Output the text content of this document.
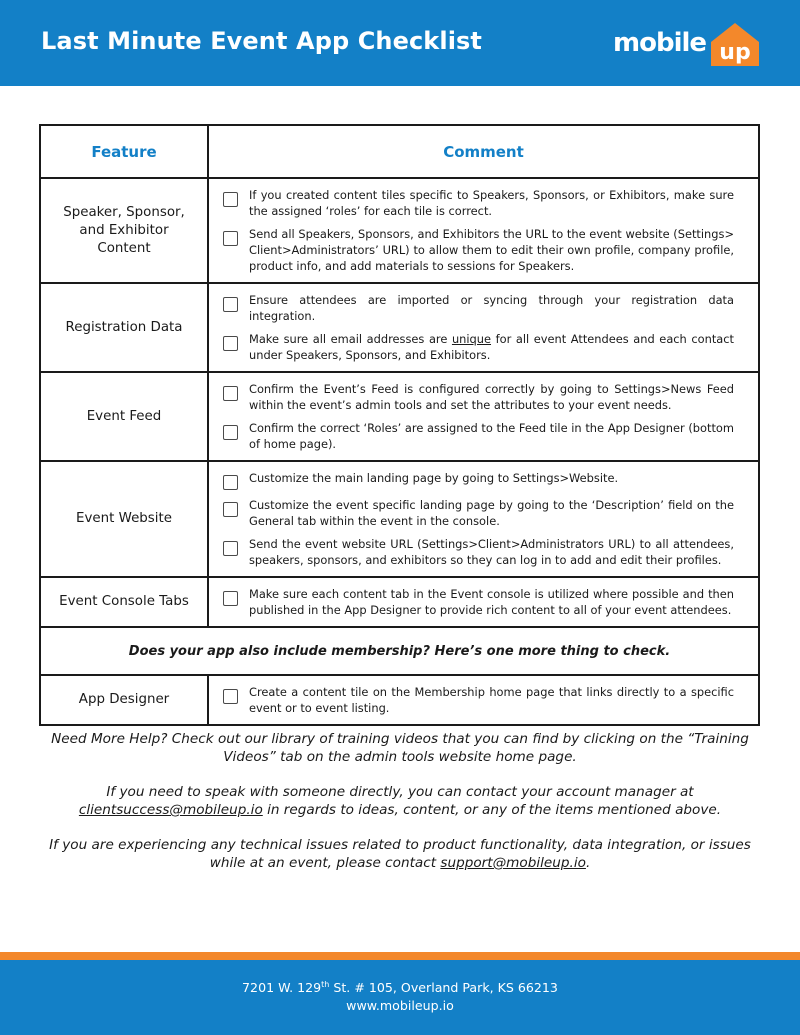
Last Minute Event App Checklist	mobile up
Feature	Comment
Speaker, Sponsor, and Exhibitor Content	If you created content tiles specific to Speakers, Sponsors, or Exhibitors, make sure the assigned ‘roles’ for each tile is correct.
Send all Speakers, Sponsors, and Exhibitors the URL to the event website (Settings> Client>Administrators’ URL) to allow them to edit their own profile, company profile, product info, and add materials to sessions for Speakers.

Registration Data	Ensure attendees are imported or syncing through your registration data integration.
Make sure all email addresses are unique for all event Attendees and each contact under Speakers, Sponsors, and Exhibitors.

Event Feed	Confirm the Event’s Feed is configured correctly by going to Settings>News Feed within the event’s admin tools and set the attributes to your event needs.
Confirm the correct ‘Roles’ are assigned to the Feed tile in the App Designer (bottom of home page).

Event Website	Customize the main landing page by going to Settings>Website.
Customize the event specific landing page by going to the ‘Description’ field on the General tab within the event in the console.
Send the event website URL (Settings>Client>Administrators URL) to all attendees, speakers, sponsors, and exhibitors so they can log in to add and edit their profiles.

Event Console Tabs	Make sure each content tab in the Event console is utilized where possible and then published in the App Designer to provide rich content to all of your event attendees.

Does your app also include membership? Here’s one more thing to check.	
App Designer	Create a content tile on the Membership home page that links directly to a specific event or to event listing.

Need More Help? Check out our library of training videos that you can find by clicking on the “Training Videos” tab on the admin tools website home page.

If you need to speak with someone directly, you can contact your account manager at
clientsuccess@mobileup.io in regards to ideas, content, or any of the items mentioned above.

If you are experiencing any technical issues related to product functionality, data integration, or issues while at an event, please contact support@mobileup.io.

7201 W. 129th St. # 105, Overland Park, KS 66213
www.mobileup.io
